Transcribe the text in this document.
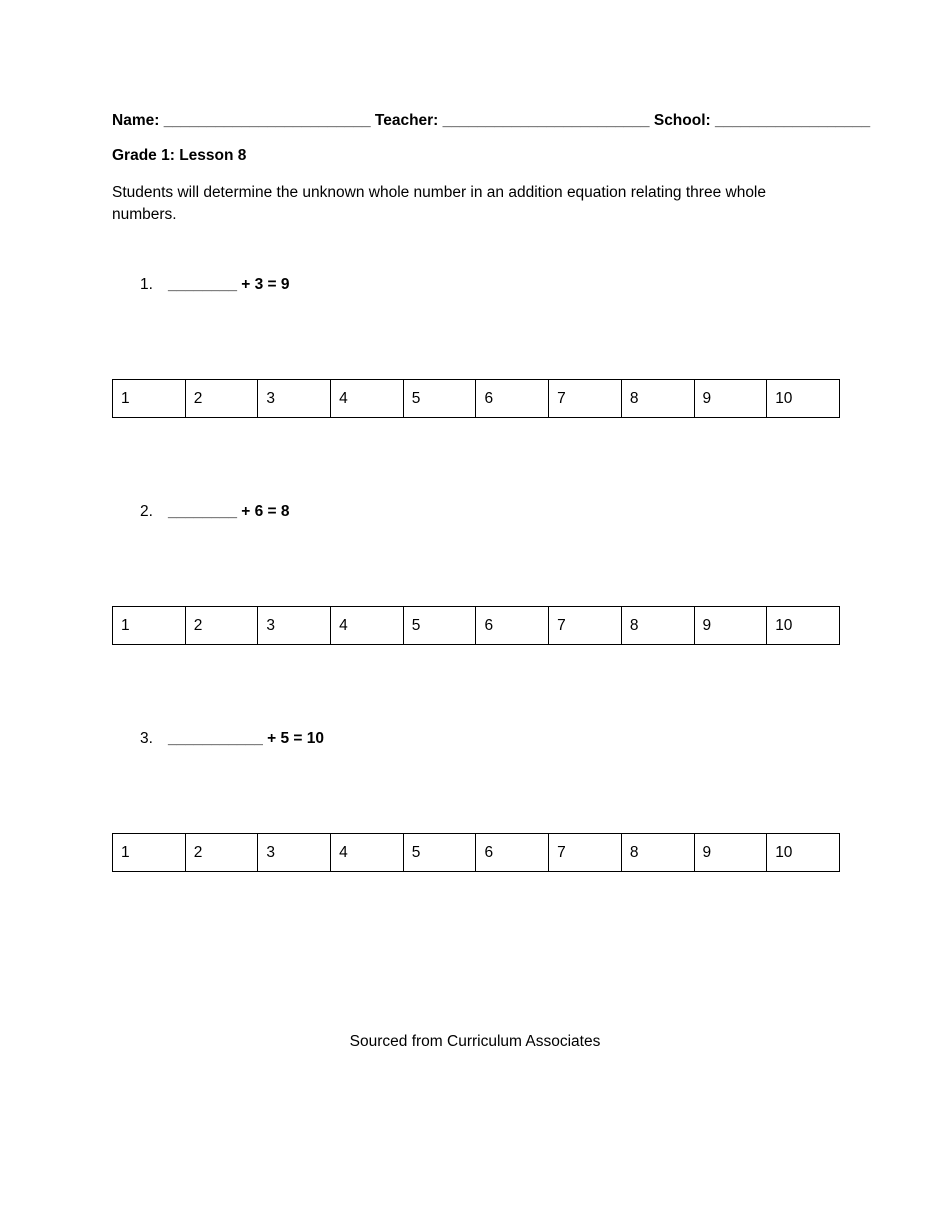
Name: ________________________ Teacher: ________________________ School: __________________
Grade 1: Lesson 8
Students will determine the unknown whole number in an addition equation relating three whole numbers.
1. ________ + 3 = 9
1	2	3	4	5	6	7	8	9	10
2. ________ + 6 = 8
1	2	3	4	5	6	7	8	9	10
3. ___________ + 5 = 10
1	2	3	4	5	6	7	8	9	10
Sourced from Curriculum Associates
